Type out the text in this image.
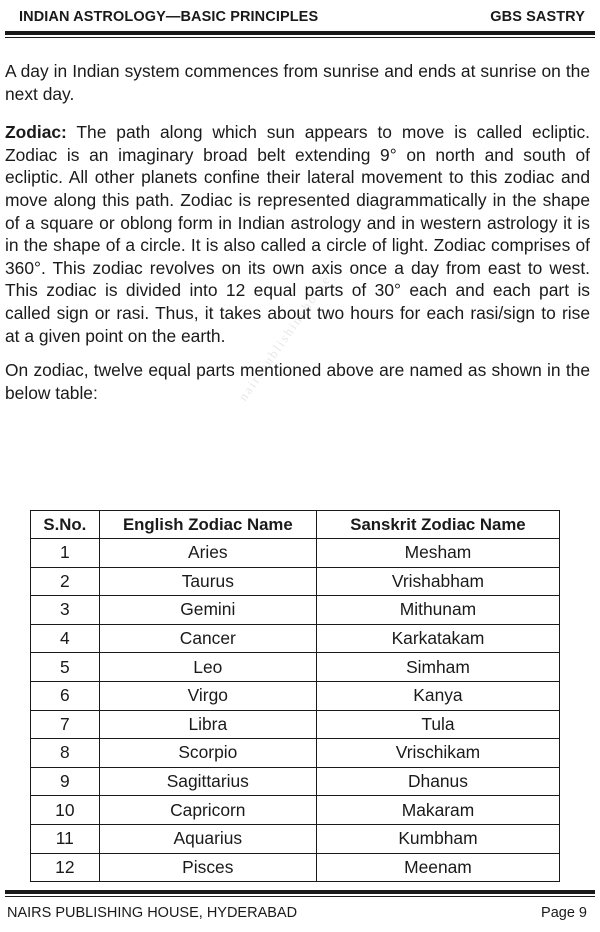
INDIAN ASTROLOGY—BASIC PRINCIPLES	GBS SASTRY
nairspublishinghouse

A day in Indian system commences from sunrise and ends at sunrise on the next day.

Zodiac: The path along which sun appears to move is called ecliptic. Zodiac is an imaginary broad belt extending 9° on north and south of ecliptic. All other planets confine their lateral movement to this zodiac and move along this path. Zodiac is represented diagrammatically in the shape of a square or oblong form in Indian astrology and in western astrology it is in the shape of a circle. It is also called a circle of light. Zodiac comprises of 360°. This zodiac revolves on its own axis once a day from east to west. This zodiac is divided into 12 equal parts of 30° each and each part is called sign or rasi. Thus, it takes about two hours for each rasi/sign to rise at a given point on the earth.

On zodiac, twelve equal parts mentioned above are named as shown in the below table:

S.No.	English Zodiac Name	Sanskrit Zodiac Name
1	Aries	Mesham
2	Taurus	Vrishabham
3	Gemini	Mithunam
4	Cancer	Karkatakam
5	Leo	Simham
6	Virgo	Kanya
7	Libra	Tula
8	Scorpio	Vrischikam
9	Sagittarius	Dhanus
10	Capricorn	Makaram
11	Aquarius	Kumbham
12	Pisces	Meenam
NAIRS PUBLISHING HOUSE, HYDERABAD	Page 9
